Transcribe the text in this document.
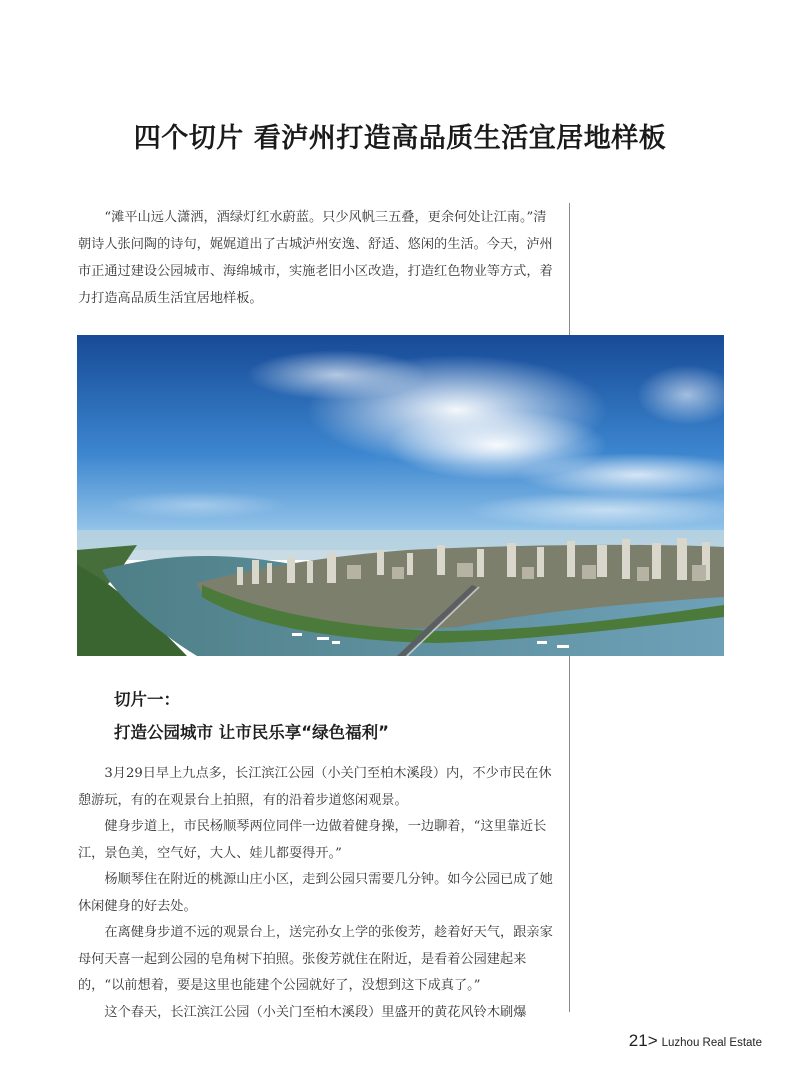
四个切片 看泸州打造高品质生活宜居地样板

“滩平山远人潇洒，酒绿灯红水蔚蓝。只少风帆三五叠，更余何处让江南。”清朝诗人张问陶的诗句，娓娓道出了古城泸州安逸、舒适、悠闲的生活。今天，泸州市正通过建设公园城市、海绵城市，实施老旧小区改造，打造红色物业等方式，着力打造高品质生活宜居地样板。

切片一：
打造公园城市 让市民乐享“绿色福利”

3月29日早上九点多，长江滨江公园（小关门至柏木溪段）内，不少市民在休憩游玩，有的在观景台上拍照，有的沿着步道悠闲观景。

健身步道上，市民杨顺琴两位同伴一边做着健身操，一边聊着，“这里靠近长江，景色美，空气好，大人、娃儿都耍得开。”

杨顺琴住在附近的桃源山庄小区，走到公园只需要几分钟。如今公园已成了她休闲健身的好去处。

在离健身步道不远的观景台上，送完孙女上学的张俊芳，趁着好天气，跟亲家母何天喜一起到公园的皂角树下拍照。张俊芳就住在附近，是看着公园建起来的，“以前想着，要是这里也能建个公园就好了，没想到这下成真了。”

这个春天，长江滨江公园（小关门至柏木溪段）里盛开的黄花风铃木刷爆

21> Luzhou Real Estate
